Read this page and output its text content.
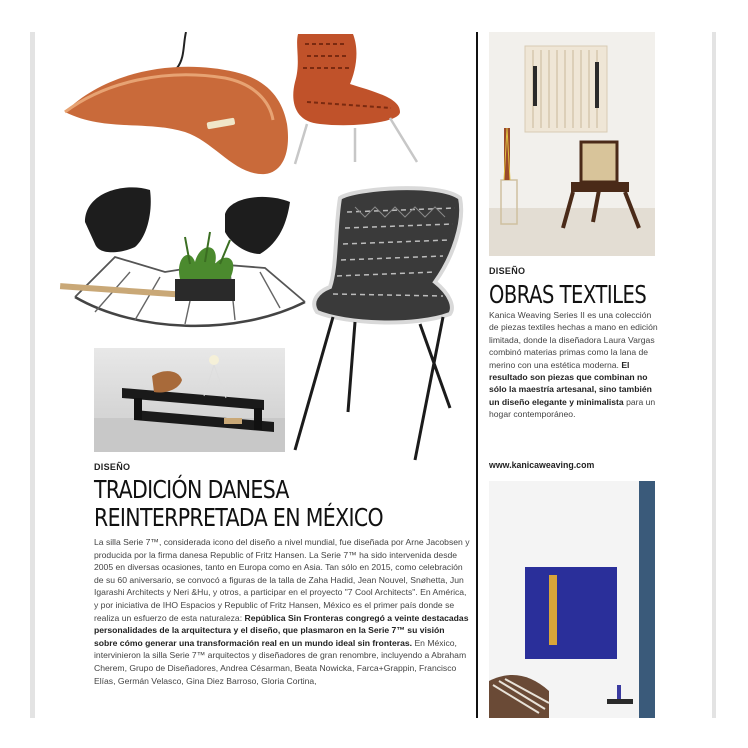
DISEÑO
TRADICIÓN DANESA
REINTERPRETADA EN MÉXICO

La silla Serie 7™, considerada icono del diseño a nivel mundial, fue diseñada por Arne Jacobsen y producida por la firma danesa Republic of Fritz Hansen. La Serie 7™ ha sido intervenida desde 2005 en diversas ocasiones, tanto en Europa como en Asia. Tan sólo en 2015, como celebración de su 60 aniversario, se convocó a figuras de la talla de Zaha Hadid, Jean Nouvel, Snøhetta, Jun Igarashi Architects y Neri &Hu, y otros, a participar en el proyecto "7 Cool Architects". En América, y por iniciativa de IHO Espacios y Republic of Fritz Hansen, México es el primer país donde se realiza un esfuerzo de esta naturaleza: República Sin Fronteras congregó a veinte destacadas personalidades de la arquitectura y el diseño, que plasmaron en la Serie 7™ su visión sobre cómo generar una transformación real en un mundo ideal sin fronteras. En México, intervinieron la silla Serie 7™ arquitectos y diseñadores de gran renombre, incluyendo a Abraham Cherem, Grupo de Diseñadores, Andrea Césarman, Beata Nowicka, Farca+Grappin, Francisco Elías, Germán Velasco, Gina Diez Barroso, Gloria Cortina,

DISEÑO
OBRAS TEXTILES

Kanica Weaving Series II es una colección de piezas textiles hechas a mano en edición limitada, donde la diseñadora Laura Vargas combinó materias primas como la lana de merino con una estética moderna. El resultado son piezas que combinan no sólo la maestría artesanal, sino también un diseño elegante y minimalista para un hogar contemporáneo.

www.kanicaweaving.com
